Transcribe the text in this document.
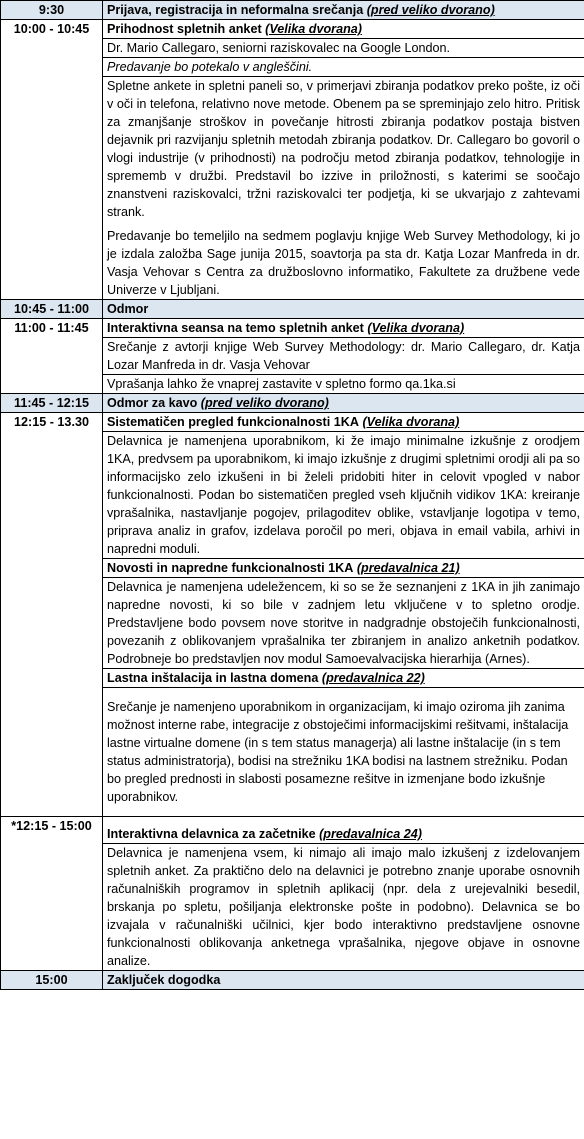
9:30	Prijava, registracija in neformalna srečanja (pred veliko dvorano)
10:00 - 10:45	Prihodnost spletnih anket (Velika dvorana)
	Dr. Mario Callegaro, seniorni raziskovalec na Google London.
	Predavanje bo potekalo v angleščini.

	Spletne ankete in spletni paneli so, v primerjavi zbiranja podatkov preko pošte, iz oči v oči in telefona, relativno nove metode. Obenem pa se spreminjajo zelo hitro. Pritisk za zmanjšanje stroškov in povečanje hitrosti zbiranja podatkov postaja bistven dejavnik pri razvijanju spletnih metodah zbiranja podatkov. Dr. Callegaro bo govoril o vlogi industrije (v prihodnosti) na področju metod zbiranja podatkov, tehnologije in sprememb v družbi. Predstavil bo izzive in priložnosti, s katerimi se soočajo znanstveni raziskovalci, tržni raziskovalci ter podjetja, ki se ukvarjajo z zahtevami strank.
Predavanje bo temeljilo na sedmem poglavju knjige Web Survey Methodology, ki jo je izdala založba Sage junija 2015, soavtorja pa sta dr. Katja Lozar Manfreda in dr. Vasja Vehovar s Centra za družboslovno informatiko, Fakultete za družbene vede Univerze v Ljubljani.

10:45 - 11:00	Odmor
11:00 - 11:45	Interaktivna seansa na temo spletnih anket (Velika dvorana)
	Srečanje z avtorji knjige Web Survey Methodology: dr. Mario Callegaro, dr. Katja Lozar Manfreda in dr. Vasja Vehovar
	Vprašanja lahko že vnaprej zastavite v spletno formo qa.1ka.si
11:45 - 12:15	Odmor za kavo (pred veliko dvorano)
12:15 - 13.30	Sistematičen pregled funkcionalnosti 1KA (Velika dvorana)
	Delavnica je namenjena uporabnikom, ki že imajo minimalne izkušnje z orodjem 1KA, predvsem pa uporabnikom, ki imajo izkušnje z drugimi spletnimi orodji ali pa so informacijsko zelo izkušeni in bi želeli pridobiti hiter in celovit vpogled v nabor funkcionalnosti. Podan bo sistematičen pregled vseh ključnih vidikov 1KA: kreiranje vprašalnika, nastavljanje pogojev, prilagoditev oblike, vstavljanje logotipa v temo, priprava analiz in grafov, izdelava poročil po meri, objava in email vabila, arhivi in napredni moduli.
	Novosti in napredne funkcionalnosti 1KA (predavalnica 21)
	Delavnica je namenjena udeležencem, ki so se že seznanjeni z 1KA in jih zanimajo napredne novosti, ki so bile v zadnjem letu vključene v to spletno orodje. Predstavljene bodo povsem nove storitve in nadgradnje obstoječih funkcionalnosti, povezanih z oblikovanjem vprašalnika ter zbiranjem in analizo anketnih podatkov. Podrobneje bo predstavljen nov modul Samoevalvacijska hierarhija (Arnes).
	Lastna inštalacija in lastna domena (predavalnica 22)
	Srečanje je namenjeno uporabnikom in organizacijam, ki imajo oziroma jih zanima možnost interne rabe, integracije z obstoječimi informacijskimi rešitvami, inštalacija lastne virtualne domene (in s tem status managerja) ali lastne inštalacije (in s tem status administratorja), bodisi na strežniku 1KA bodisi na lastnem strežniku. Podan bo pregled prednosti in slabosti posamezne rešitve in izmenjane bodo izkušnje uporabnikov.
*12:15 - 15:00	Interaktivna delavnica za začetnike (predavalnica 24)
	Delavnica je namenjena vsem, ki nimajo ali imajo malo izkušenj z izdelovanjem spletnih anket. Za praktično delo na delavnici je potrebno znanje uporabe osnovnih računalniških programov in spletnih aplikacij (npr. dela z urejevalniki besedil, brskanja po spletu, pošiljanja elektronske pošte in podobno). Delavnica se bo izvajala v računalniški učilnici, kjer bodo interaktivno predstavljene osnovne funkcionalnosti oblikovanja anketnega vprašalnika, njegove objave in osnovne analize.
15:00	Zaključek dogodka
